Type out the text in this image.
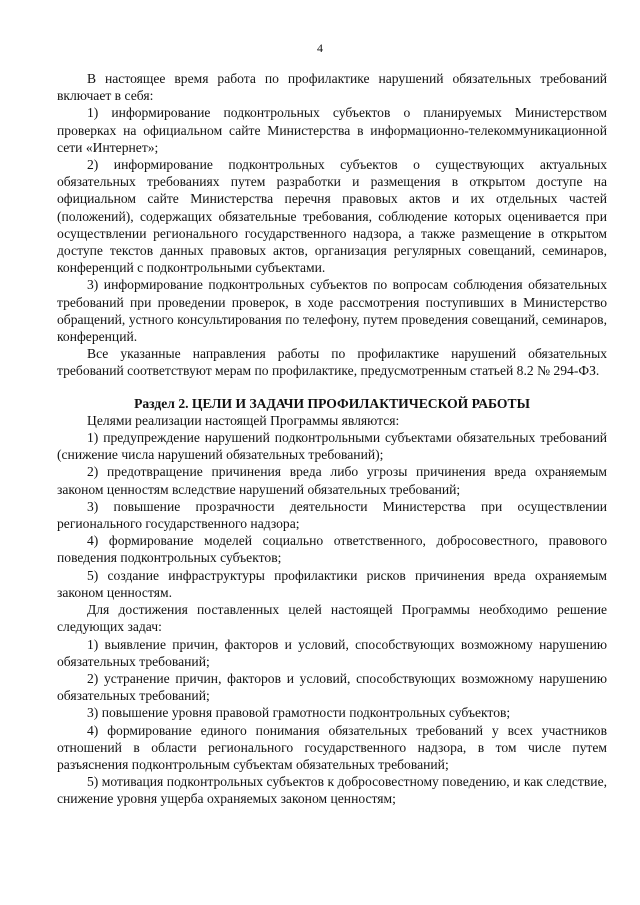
4

В настоящее время работа по профилактике нарушений обязательных требований включает в себя:

1) информирование подконтрольных субъектов о планируемых Министерством проверках на официальном сайте Министерства в информационно-телекоммуникационной сети «Интернет»;

2) информирование подконтрольных субъектов о существующих актуальных обязательных требованиях путем разработки и размещения в открытом доступе на официальном сайте Министерства перечня правовых актов и их отдельных частей (положений), содержащих обязательные требования, соблюдение которых оценивается при осуществлении регионального государственного надзора, а также размещение в открытом доступе текстов данных правовых актов, организация регулярных совещаний, семинаров, конференций с подконтрольными субъектами.

3) информирование подконтрольных субъектов по вопросам соблюдения обязательных требований при проведении проверок, в ходе рассмотрения поступивших в Министерство обращений, устного консультирования по телефону, путем проведения совещаний, семинаров, конференций.

Все указанные направления работы по профилактике нарушений обязательных требований соответствуют мерам по профилактике, предусмотренным статьей 8.2 № 294-ФЗ.

Раздел 2. ЦЕЛИ И ЗАДАЧИ ПРОФИЛАКТИЧЕСКОЙ РАБОТЫ

Целями реализации настоящей Программы являются:

1) предупреждение нарушений подконтрольными субъектами обязательных требований (снижение числа нарушений обязательных требований);

2) предотвращение причинения вреда либо угрозы причинения вреда охраняемым законом ценностям вследствие нарушений обязательных требований;

3) повышение прозрачности деятельности Министерства при осуществлении регионального государственного надзора;

4) формирование моделей социально ответственного, добросовестного, правового поведения подконтрольных субъектов;

5) создание инфраструктуры профилактики рисков причинения вреда охраняемым законом ценностям.

Для достижения поставленных целей настоящей Программы необходимо решение следующих задач:

1) выявление причин, факторов и условий, способствующих возможному нарушению обязательных требований;

2) устранение причин, факторов и условий, способствующих возможному нарушению обязательных требований;

3) повышение уровня правовой грамотности подконтрольных субъектов;

4) формирование единого понимания обязательных требований у всех участников отношений в области регионального государственного надзора, в том числе путем разъяснения подконтрольным субъектам обязательных требований;

5) мотивация подконтрольных субъектов к добросовестному поведению, и как следствие, снижение уровня ущерба охраняемых законом ценностям;
